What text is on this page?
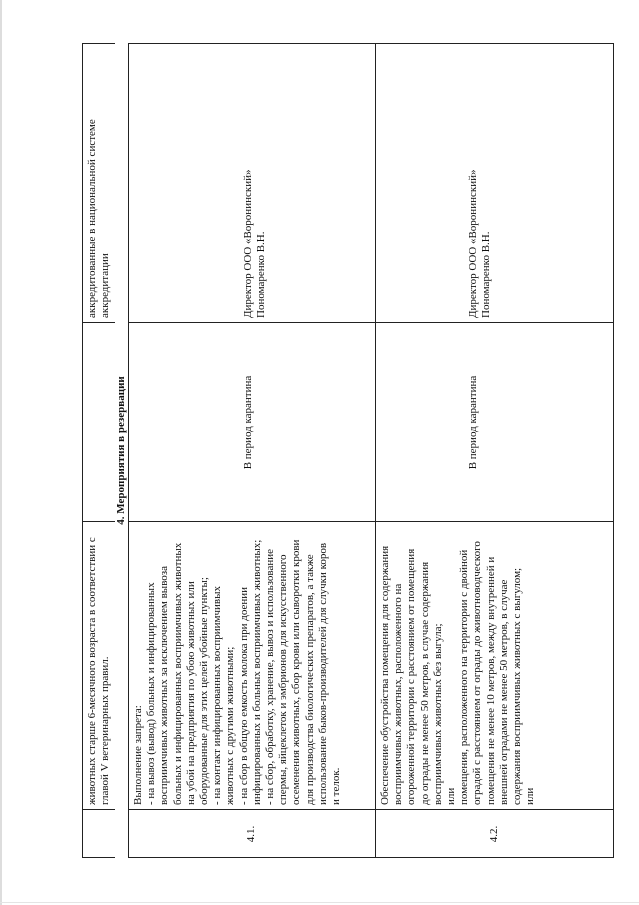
животных старше 6-месячного возраста в соответствии с главой V ветеринарных правил.

аккредитованные в национальной системе аккредитации

4. Мероприятия в резервации
4.1.

Выполнение запрета: - на вывоз (вывод) больных и инфицированных восприимчивых животных за исключением вывоза больных и инфицированных восприимчивых животных на убой на предприятия по убою животных или оборудованные для этих целей убойные пункты; - на контакт инфицированных восприимчивых животных с другими животными; - на сбор в общую емкость молока при доении инфицированных и больных восприимчивых животных; - на сбор, обработку, хранение, вывоз и использование спермы, яйцеклеток и эмбрионов для искусственного осеменения животных, сбор крови или сыворотки крови для производства биологических препаратов, а также использование быков-производителей для случки коров и телок.

В период карантина

Директор ООО «Воронинский» Пономаренко В.Н.

4.2.

Обеспечение обустройства помещения для содержания восприимчивых животных, расположенного на огороженной территории с расстоянием от помещения до ограды не менее 50 метров, в случае содержания восприимчивых животных без выгула; или помещения, расположенного на территории с двойной оградой с расстоянием от ограды до животноводческого помещения не менее 10 метров, между внутренней и внешней оградами не менее 50 метров, в случае содержания восприимчивых животных с выгулом; или

В период карантина

Директор ООО «Воронинский» Пономаренко В.Н.
